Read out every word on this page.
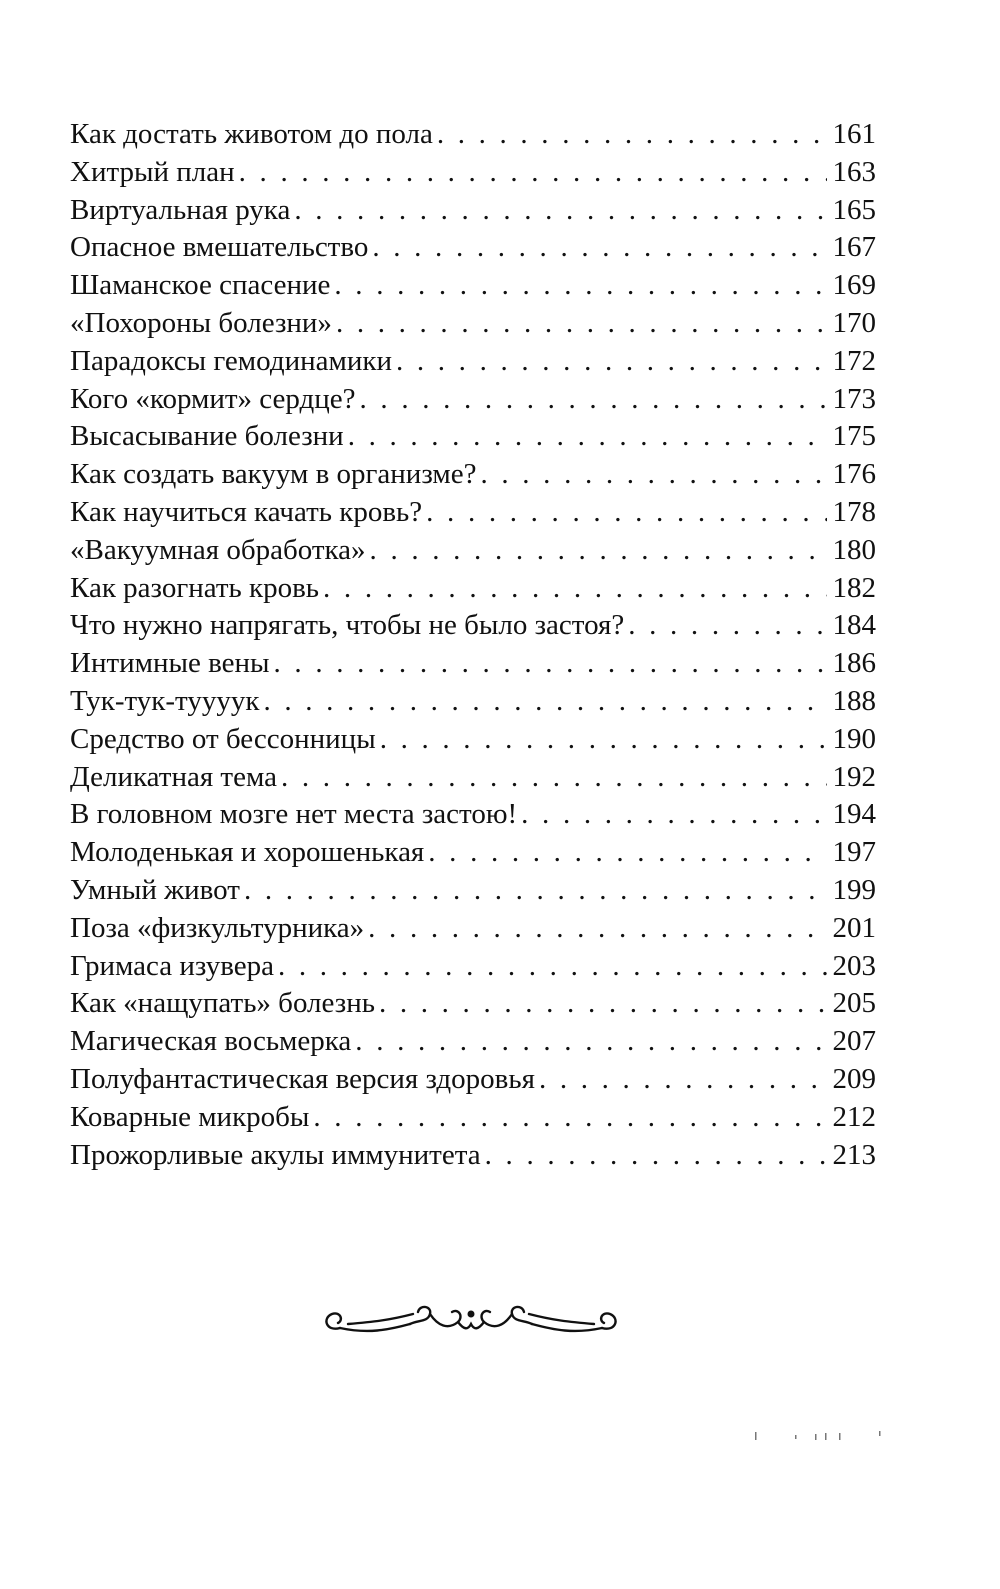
Как достать животом до пола . . .	161
Хитрый план . . .	163
Виртуальная рука . . .	165
Опасное вмешательство . . .	167
Шаманское спасение . . .	169
«Похороны болезни» . . .	170
Парадоксы гемодинамики . . .	172
Кого «кормит» сердце? . . .	173
Высасывание болезни . . .	175
Как создать вакуум в организме? . . .	176
Как научиться качать кровь? . . .	178
«Вакуумная обработка» . . .	180
Как разогнать кровь . . .	182
Что нужно напрягать, чтобы не было застоя? . . .	184
Интимные вены . . .	186
Тук-тук-туууук . . .	188
Средство от бессонницы . . .	190
Деликатная тема . . .	192
В головном мозге нет места застою! . . .	194
Молоденькая и хорошенькая . . .	197
Умный живот . . .	199
Поза «физкультурника» . . .	201
Гримаса изувера . . .	203
Как «нащупать» болезнь . . .	205
Магическая восьмерка . . .	207
Полуфантастическая версия здоровья . . .	209
Коварные микробы . . .	212
Прожорливые акулы иммунитета . . .	213
